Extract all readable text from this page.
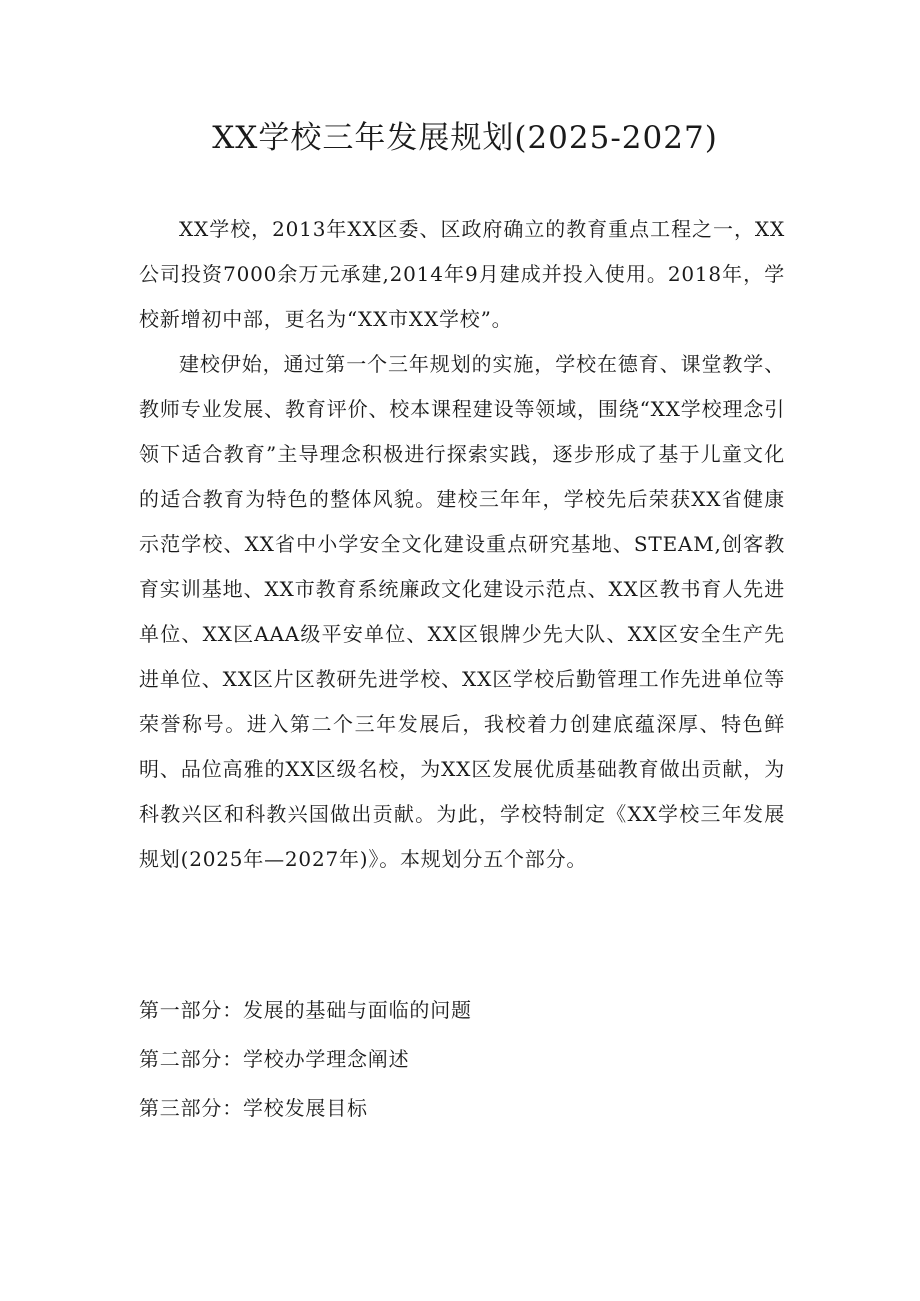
XX学校三年发展规划(2025-2027)

XX学校，2013年XX区委、区政府确立的教育重点工程之一，XX公司投资7000余万元承建,2014年9月建成并投入使用。2018年，学校新增初中部，更名为“XX市XX学校”。

建校伊始，通过第一个三年规划的实施，学校在德育、课堂教学、教师专业发展、教育评价、校本课程建设等领域，围绕“XX学校理念引领下适合教育”主导理念积极进行探索实践，逐步形成了基于儿童文化的适合教育为特色的整体风貌。建校三年年，学校先后荣获XX省健康示范学校、XX省中小学安全文化建设重点研究基地、STEAM,创客教育实训基地、XX市教育系统廉政文化建设示范点、XX区教书育人先进单位、XX区AAA级平安单位、XX区银牌少先大队、XX区安全生产先进单位、XX区片区教研先进学校、XX区学校后勤管理工作先进单位等荣誉称号。进入第二个三年发展后，我校着力创建底蕴深厚、特色鲜明、品位高雅的XX区级名校，为XX区发展优质基础教育做出贡献，为科教兴区和科教兴国做出贡献。为此，学校特制定《XX学校三年发展规划(2025年—2027年)》。本规划分五个部分。

第一部分：发展的基础与面临的问题
第二部分：学校办学理念阐述
第三部分：学校发展目标
